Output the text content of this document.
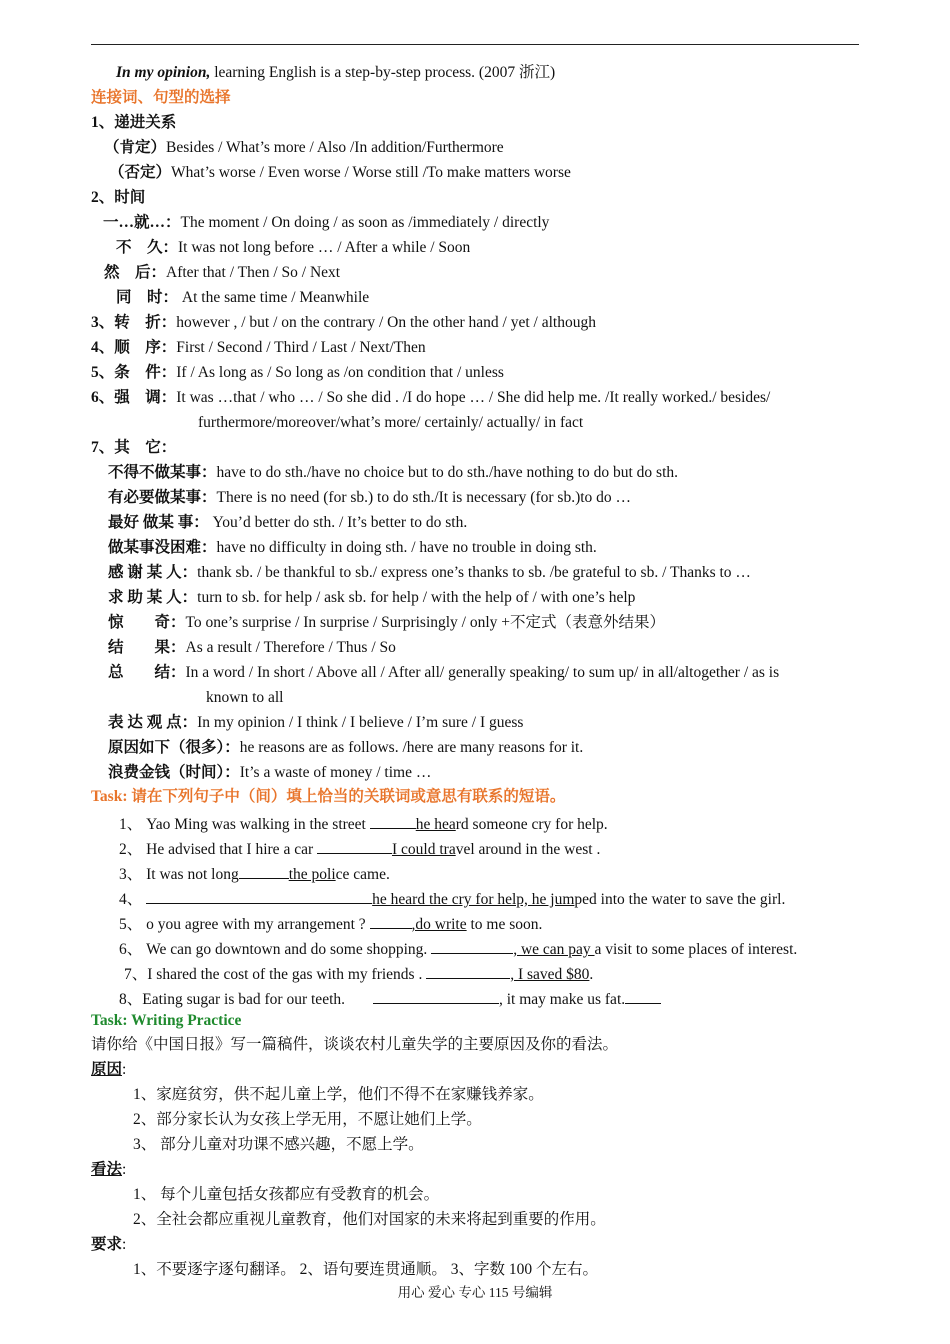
In my opinion, learning English is a step-by-step process. (2007 浙江)
连接词、句型的选择
1、递进关系
（肯定）Besides / What’s more / Also /In addition/Furthermore
（否定）What’s worse / Even worse / Worse still /To make matters worse
2、时间
一…就…：The moment / On doing / as soon as /immediately / directly
不　久：It was not long before … / After a while / Soon
然　后：After that / Then / So / Next
同　时： At the same time / Meanwhile
3、转　折：however , / but / on the contrary / On the other hand / yet / although
4、顺　序：First / Second / Third / Last / Next/Then
5、条　件：If / As long as / So long as /on condition that / unless
6、强　调：It was …that / who … / So she did . /I do hope … / She did help me. /It really worked./ besides/
furthermore/moreover/what’s more/ certainly/ actually/ in fact
7、其　它：
不得不做某事：have to do sth./have no choice but to do sth./have nothing to do but do sth.
有必要做某事：There is no need (for sb.) to do sth./It is necessary (for sb.)to do …
最好 做某 事： You’d better do sth. / It’s better to do sth.
做某事没困难：have no difficulty in doing sth. / have no trouble in doing sth.
感 谢 某 人：thank sb. / be thankful to sb./ express one’s thanks to sb. /be grateful to sb. / Thanks to …
求 助 某 人：turn to sb. for help / ask sb. for help / with the help of / with one’s help
惊　　奇：To one’s surprise / In surprise / Surprisingly / only +不定式（表意外结果）
结　　果：As a result / Therefore / Thus / So
总　　结：In a word / In short / Above all / After all/ generally speaking/ to sum up/ in all/altogether / as is
known to all
表 达 观 点：In my opinion / I think / I believe / I’m sure / I guess
原因如下（很多）：he reasons are as follows. /here are many reasons for it.
浪费金钱（时间）：It’s a waste of money / time …
Task: 请在下列句子中（间）填上恰当的关联词或意思有联系的短语。
1、 Yao Ming was walking in the street	he heard someone cry for help.
2、 He advised that I hire a car	I could travel around in the west .
3、 It was not long	the police came.
4、	he heard the cry for help, he jumped into the water to save the girl.
5、 o you agree with my arrangement ?	,do write to me soon.
6、 We can go downtown and do some shopping.	, we can pay a visit to some places of interest.
7、I shared the cost of the gas with my friends .	, I saved $80.
8、Eating sugar is bad for our teeth.	, it may make us fat.
Task: Writing Practice
请你给《中国日报》写一篇稿件，谈谈农村儿童失学的主要原因及你的看法。
原因:
1、家庭贫穷，供不起儿童上学，他们不得不在家赚钱养家。
2、部分家长认为女孩上学无用，不愿让她们上学。
3、 部分儿童对功课不感兴趣，不愿上学。
看法:
1、 每个儿童包括女孩都应有受教育的机会。
2、全社会都应重视儿童教育，他们对国家的未来将起到重要的作用。
要求:
1、不要逐字逐句翻译。 2、语句要连贯通顺。 3、字数 100 个左右。
用心 爱心 专心 115 号编辑
